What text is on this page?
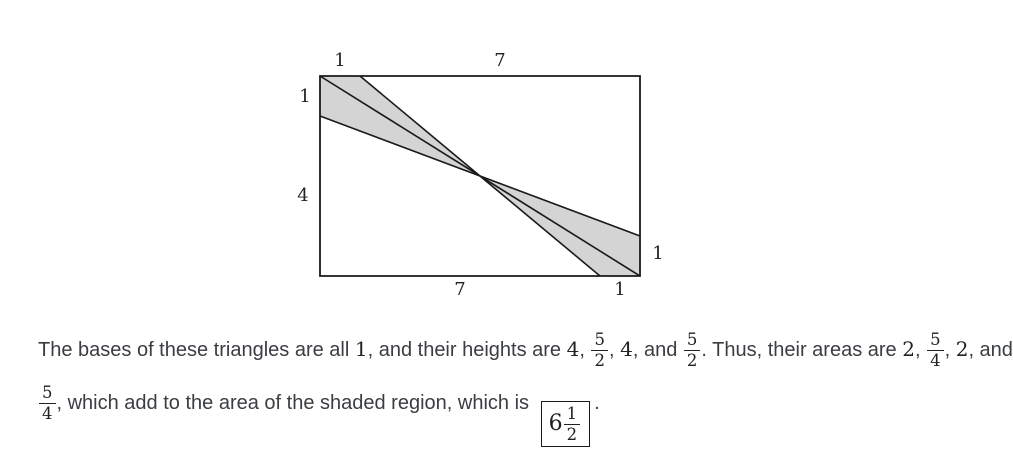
1	7
1
4
7	1
1
The bases of these triangles are all 1, and their heights are 4, $\frac{5}{2}$ , 4, and $\frac{5}{2}$ . Thus, their areas are 2, $\frac{5}{4}$ , 2, and
$\frac{5}{4}$ , which add to the area of the shaded region, which is
$6 \frac{1}{2}$
.
